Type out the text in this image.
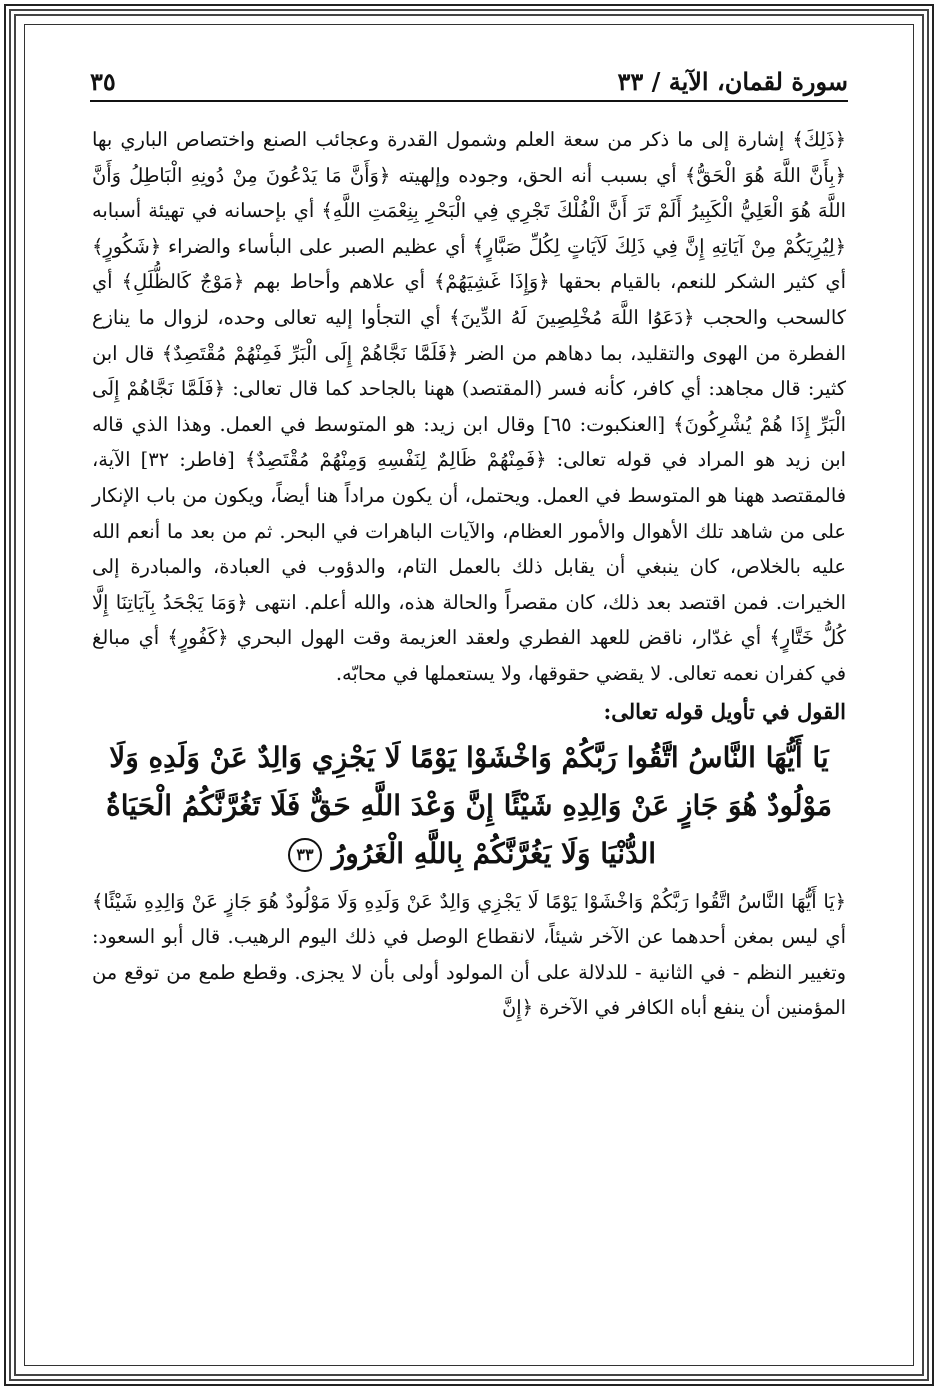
سورة لقمان، الآية / ٣٣
٣٥

﴿ذَلِكَ﴾ إشارة إلى ما ذكر من سعة العلم وشمول القدرة وعجائب الصنع واختصاص الباري بها ﴿بِأَنَّ اللَّهَ هُوَ الْحَقُّ﴾ أي بسبب أنه الحق، وجوده وإلهيته ﴿وَأَنَّ مَا يَدْعُونَ مِنْ دُونِهِ الْبَاطِلُ وَأَنَّ اللَّهَ هُوَ الْعَلِيُّ الْكَبِيرُ أَلَمْ تَرَ أَنَّ الْفُلْكَ تَجْرِي فِي الْبَحْرِ بِنِعْمَتِ اللَّهِ﴾ أي بإحسانه في تهيئة أسبابه ﴿لِيُرِيَكُمْ مِنْ آيَاتِهِ إِنَّ فِي ذَلِكَ لَآيَاتٍ لِكُلِّ صَبَّارٍ﴾ أي عظيم الصبر على البأساء والضراء ﴿شَكُورٍ﴾ أي كثير الشكر للنعم، بالقيام بحقها ﴿وَإِذَا غَشِيَهُمْ﴾ أي علاهم وأحاط بهم ﴿مَوْجٌ كَالظُّلَلِ﴾ أي كالسحب والحجب ﴿دَعَوُا اللَّهَ مُخْلِصِينَ لَهُ الدِّينَ﴾ أي التجأوا إليه تعالى وحده، لزوال ما ينازع الفطرة من الهوى والتقليد، بما دهاهم من الضر ﴿فَلَمَّا نَجَّاهُمْ إِلَى الْبَرِّ فَمِنْهُمْ مُقْتَصِدٌ﴾ قال ابن كثير: قال مجاهد: أي كافر، كأنه فسر (المقتصد) ههنا بالجاحد كما قال تعالى: ﴿فَلَمَّا نَجَّاهُمْ إِلَى الْبَرِّ إِذَا هُمْ يُشْرِكُونَ﴾ [العنكبوت: ٦٥] وقال ابن زيد: هو المتوسط في العمل. وهذا الذي قاله ابن زيد هو المراد في قوله تعالى: ﴿فَمِنْهُمْ ظَالِمٌ لِنَفْسِهِ وَمِنْهُمْ مُقْتَصِدٌ﴾ [فاطر: ٣٢] الآية، فالمقتصد ههنا هو المتوسط في العمل. ويحتمل، أن يكون مراداً هنا أيضاً، ويكون من باب الإنكار على من شاهد تلك الأهوال والأمور العظام، والآيات الباهرات في البحر. ثم من بعد ما أنعم الله عليه بالخلاص، كان ينبغي أن يقابل ذلك بالعمل التام، والدؤوب في العبادة، والمبادرة إلى الخيرات. فمن اقتصد بعد ذلك، كان مقصراً والحالة هذه، والله أعلم. انتهى ﴿وَمَا يَجْحَدُ بِآيَاتِنَا إِلَّا كُلُّ خَتَّارٍ﴾ أي غدّار، ناقض للعهد الفطري ولعقد العزيمة وقت الهول البحري ﴿كَفُورٍ﴾ أي مبالغ في كفران نعمه تعالى. لا يقضي حقوقها، ولا يستعملها في محابّه.

القول في تأويل قوله تعالى:

يَا أَيُّهَا النَّاسُ اتَّقُوا رَبَّكُمْ وَاخْشَوْا يَوْمًا لَا يَجْزِي وَالِدٌ عَنْ وَلَدِهِ وَلَا مَوْلُودٌ هُوَ جَازٍ عَنْ وَالِدِهِ شَيْئًا إِنَّ وَعْدَ اللَّهِ حَقٌّ فَلَا تَغُرَّنَّكُمُ الْحَيَاةُ الدُّنْيَا وَلَا يَغُرَّنَّكُمْ بِاللَّهِ الْغَرُورُ ٣٣

﴿يَا أَيُّهَا النَّاسُ اتَّقُوا رَبَّكُمْ وَاخْشَوْا يَوْمًا لَا يَجْزِي وَالِدٌ عَنْ وَلَدِهِ وَلَا مَوْلُودٌ هُوَ جَازٍ عَنْ وَالِدِهِ شَيْئًا﴾ أي ليس بمغن أحدهما عن الآخر شيئاً، لانقطاع الوصل في ذلك اليوم الرهيب. قال أبو السعود: وتغيير النظم - في الثانية - للدلالة على أن المولود أولى بأن لا يجزى. وقطع طمع من توقع من المؤمنين أن ينفع أباه الكافر في الآخرة ﴿إِنَّ
